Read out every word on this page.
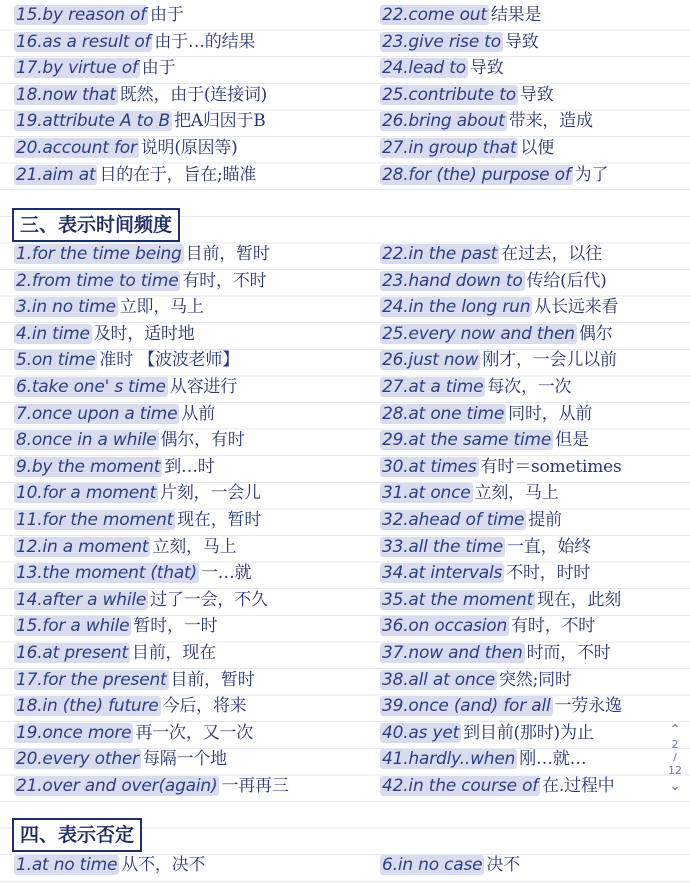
15.by reason of 由于	22.come out 结果是
16.as a result of 由于…的结果	23.give rise to 导致
17.by virtue of 由于	24.lead to 导致
18.now that 既然，由于(连接词)	25.contribute to 导致
19.attribute A to B 把A归因于B	26.bring about 带来，造成
20.account for 说明(原因等)	27.in group that 以便
21.aim at 目的在于，旨在;瞄准	28.for (the) purpose of 为了
三、表示时间频度
1.for the time being 目前，暂时	22.in the past 在过去，以往
2.from time to time 有时，不时	23.hand down to 传给(后代)
3.in no time 立即，马上	24.in the long run 从长远来看
4.in time 及时，适时地	25.every now and then 偶尔
5.on time 准时 【波波老师】	26.just now 刚才，一会儿以前
6.take one' s time 从容进行	27.at a time 每次，一次
7.once upon a time 从前	28.at one time 同时，从前
8.once in a while 偶尔，有时	29.at the same time 但是
9.by the moment 到…时	30.at times 有时＝sometimes
10.for a moment 片刻，一会儿	31.at once 立刻，马上
11.for the moment 现在，暂时	32.ahead of time 提前
12.in a moment 立刻，马上	33.all the time 一直，始终
13.the moment (that) 一…就	34.at intervals 不时，时时
14.after a while 过了一会，不久	35.at the moment 现在，此刻
15.for a while 暂时，一时	36.on occasion 有时，不时
16.at present 目前，现在	37.now and then 时而，不时
17.for the present 目前，暂时	38.all at once 突然;同时
18.in (the) future 今后，将来	39.once (and) for all 一劳永逸
19.once more 再一次，又一次	40.as yet 到目前(那时)为止
20.every other 每隔一个地	41.hardly..when 刚…就…
21.over and over(again) 一再再三	42.in the course of 在.过程中
四、表示否定
1.at no time 从不，决不	6.in no case 决不
⌃
2
/
12
⌄
